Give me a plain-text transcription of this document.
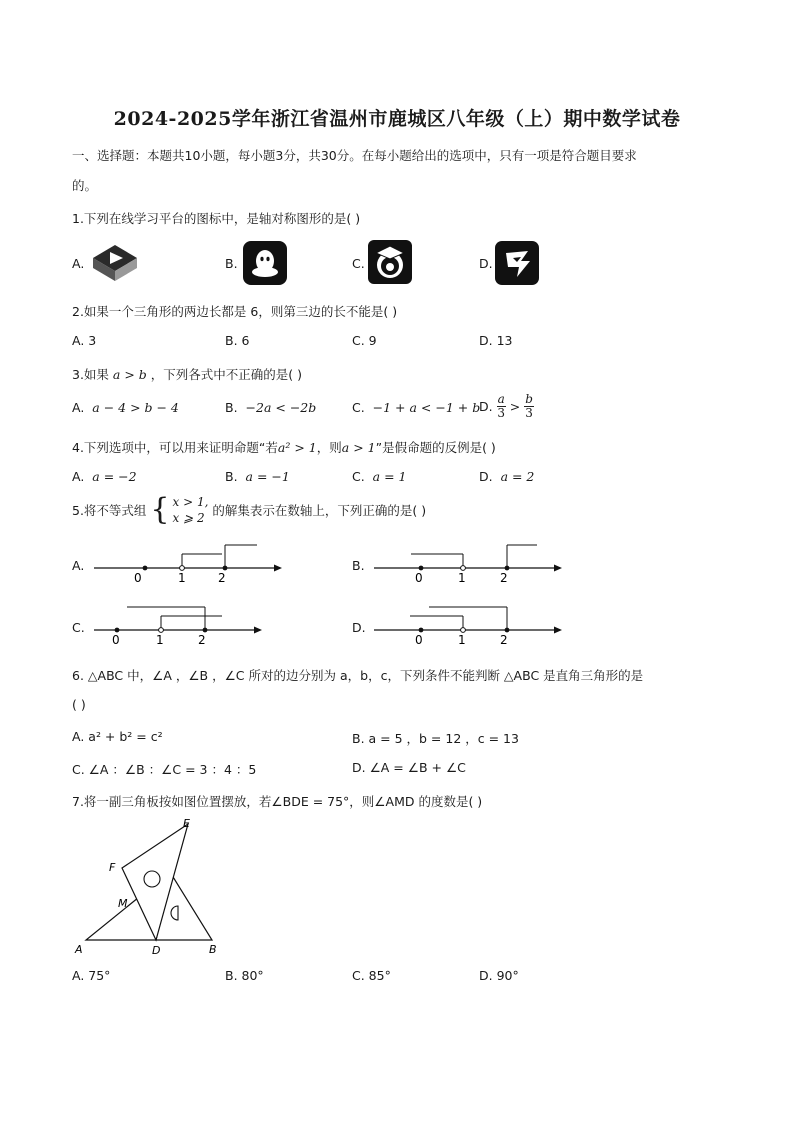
2024-2025学年浙江省温州市鹿城区八年级（上）期中数学试卷
一、选择题：本题共10小题，每小题3分，共30分。在每小题给出的选项中，只有一项是符合题目要求
的。
1.下列在线学习平台的图标中，是轴对称图形的是( )
A.	B.	C.	D.
2.如果一个三角形的两边长都是 6，则第三边的长不能是( )
A. 3	B. 6	C. 9	D. 13
3.如果 a > b ，下列各式中不正确的是( )
A. a − 4 > b − 4	B. −2a < −2b	C. −1 + a < −1 + b
D. $\frac{a}{3} > \frac{b}{3}$
4.下列选项中，可以用来证明命题“若a² > 1，则a > 1”是假命题的反例是( )
A. a = −2	B. a = −1	C. a = 1	D. a = 2
5.将不等式组 { x > 1,
x ⩾ 2 的解集表示在数轴上，下列正确的是( )
A.
0	1	2
B.
0	1	2
C.
0	1	2
D.
0	1	2
6. △ABC 中，∠A ，∠B ，∠C 所对的边分别为 a，b，c，下列条件不能判断 △ABC 是直角三角形的是
( )
A. a² + b² = c²	B. a = 5 ，b = 12 ，c = 13
C. ∠A ：∠B ：∠C = 3 ：4 ：5	D. ∠A = ∠B + ∠C
7.将一副三角板按如图位置摆放，若∠BDE = 75°，则∠AMD 的度数是( )
E
F
M
A	D	B
A. 75°	B. 80°	C. 85°	D. 90°
